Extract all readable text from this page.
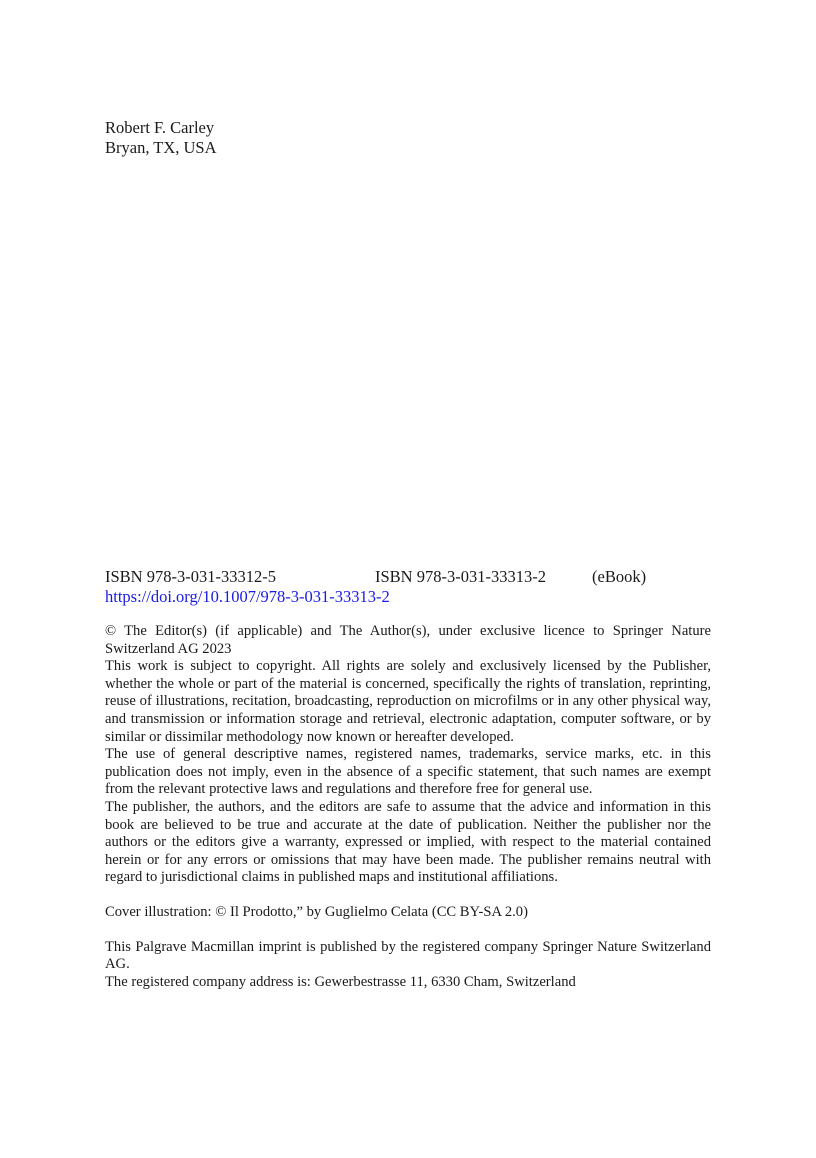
Robert F. Carley
Bryan, TX, USA
ISBN 978-3-031-33312-5	ISBN 978-3-031-33313-2	(eBook)
https://doi.org/10.1007/978-3-031-33313-2

© The Editor(s) (if applicable) and The Author(s), under exclusive licence to Springer Nature Switzerland AG 2023

This work is subject to copyright. All rights are solely and exclusively licensed by the Publisher, whether the whole or part of the material is concerned, specifically the rights of translation, reprinting, reuse of illustrations, recitation, broadcasting, reproduction on microfilms or in any other physical way, and transmission or information storage and retrieval, electronic adaptation, computer software, or by similar or dissimilar methodology now known or hereafter developed.

The use of general descriptive names, registered names, trademarks, service marks, etc. in this publication does not imply, even in the absence of a specific statement, that such names are exempt from the relevant protective laws and regulations and therefore free for general use.

The publisher, the authors, and the editors are safe to assume that the advice and information in this book are believed to be true and accurate at the date of publication. Neither the publisher nor the authors or the editors give a warranty, expressed or implied, with respect to the material contained herein or for any errors or omissions that may have been made. The publisher remains neutral with regard to jurisdictional claims in published maps and institutional affiliations.

Cover illustration: © Il Prodotto,” by Guglielmo Celata (CC BY-SA 2.0)

This Palgrave Macmillan imprint is published by the registered company Springer Nature Switzerland AG.

The registered company address is: Gewerbestrasse 11, 6330 Cham, Switzerland
